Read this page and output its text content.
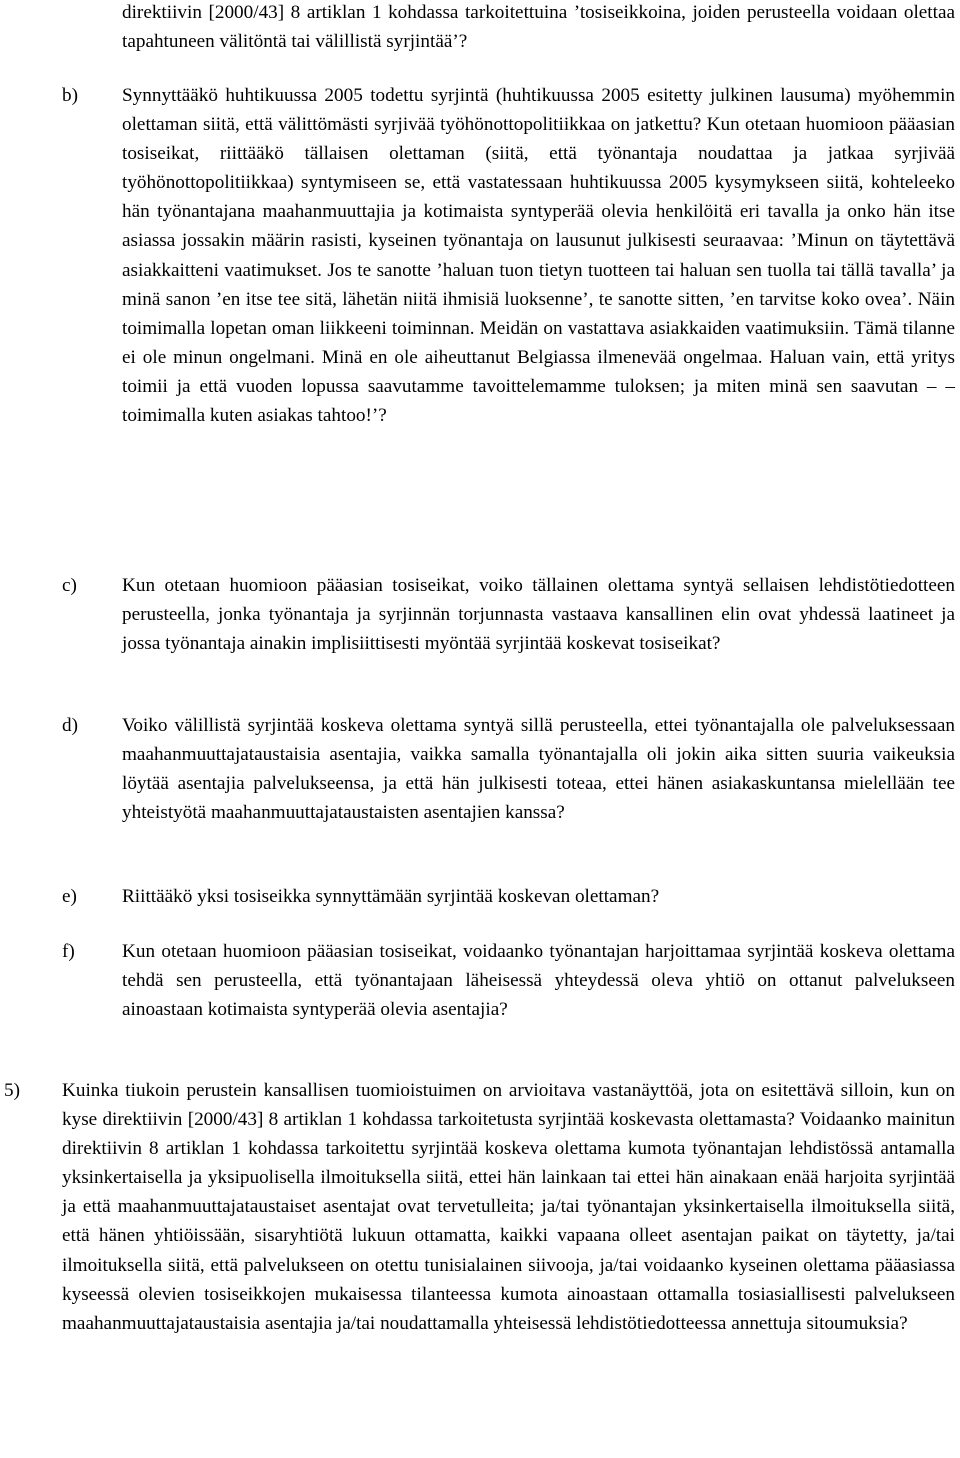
direktiivin [2000/43] 8 artiklan 1 kohdassa tarkoitettuina ’tosiseikkoina, joiden perusteella voidaan olettaa tapahtuneen välitöntä tai välillistä syrjintää’?

b) Synnyttääkö huhtikuussa 2005 todettu syrjintä (huhtikuussa 2005 esitetty julkinen lausuma) myöhemmin olettaman siitä, että välittömästi syrjivää työhönottopolitiikkaa on jatkettu? Kun otetaan huomioon pääasian tosiseikat, riittääkö tällaisen olettaman (siitä, että työnantaja noudattaa ja jatkaa syrjivää työhönottopolitiikkaa) syntymiseen se, että vastatessaan huhtikuussa 2005 kysymykseen siitä, kohteleeko hän työnantajana maahanmuuttajia ja kotimaista syntyperää olevia henkilöitä eri tavalla ja onko hän itse asiassa jossakin määrin rasisti, kyseinen työnantaja on lausunut julkisesti seuraavaa: ’Minun on täytettävä asiakkaitteni vaatimukset. Jos te sanotte ’haluan tuon tietyn tuotteen tai haluan sen tuolla tai tällä tavalla’ ja minä sanon ’en itse tee sitä, lähetän niitä ihmisiä luoksenne’, te sanotte sitten, ’en tarvitse koko ovea’. Näin toimimalla lopetan oman liikkeeni toiminnan. Meidän on vastattava asiakkaiden vaatimuksiin. Tämä tilanne ei ole minun ongelmani. Minä en ole aiheuttanut Belgiassa ilmenevää ongelmaa. Haluan vain, että yritys toimii ja että vuoden lopussa saavutamme tavoittelemamme tuloksen; ja miten minä sen saavutan – – toimimalla kuten asiakas tahtoo!’?

c) Kun otetaan huomioon pääasian tosiseikat, voiko tällainen olettama syntyä sellaisen lehdistötiedotteen perusteella, jonka työnantaja ja syrjinnän torjunnasta vastaava kansallinen elin ovat yhdessä laatineet ja jossa työnantaja ainakin implisiittisesti myöntää syrjintää koskevat tosiseikat?

d) Voiko välillistä syrjintää koskeva olettama syntyä sillä perusteella, ettei työnantajalla ole palveluksessaan maahanmuuttajataustaisia asentajia, vaikka samalla työnantajalla oli jokin aika sitten suuria vaikeuksia löytää asentajia palvelukseensa, ja että hän julkisesti toteaa, ettei hänen asiakaskuntansa mielellään tee yhteistyötä maahanmuuttajataustaisten asentajien kanssa?

e) Riittääkö yksi tosiseikka synnyttämään syrjintää koskevan olettaman?

f) Kun otetaan huomioon pääasian tosiseikat, voidaanko työnantajan harjoittamaa syrjintää koskeva olettama tehdä sen perusteella, että työnantajaan läheisessä yhteydessä oleva yhtiö on ottanut palvelukseen ainoastaan kotimaista syntyperää olevia asentajia?

5) Kuinka tiukoin perustein kansallisen tuomioistuimen on arvioitava vastanäyttöä, jota on esitettävä silloin, kun on kyse direktiivin [2000/43] 8 artiklan 1 kohdassa tarkoitetusta syrjintää koskevasta olettamasta? Voidaanko mainitun direktiivin 8 artiklan 1 kohdassa tarkoitettu syrjintää koskeva olettama kumota työnantajan lehdistössä antamalla yksinkertaisella ja yksipuolisella ilmoituksella siitä, ettei hän lainkaan tai ettei hän ainakaan enää harjoita syrjintää ja että maahanmuuttajataustaiset asentajat ovat tervetulleita; ja/tai työnantajan yksinkertaisella ilmoituksella siitä, että hänen yhtiöissään, sisaryhtiötä lukuun ottamatta, kaikki vapaana olleet asentajan paikat on täytetty, ja/tai ilmoituksella siitä, että palvelukseen on otettu tunisialainen siivooja, ja/tai voidaanko kyseinen olettama pääasiassa kyseessä olevien tosiseikkojen mukaisessa tilanteessa kumota ainoastaan ottamalla tosiasiallisesti palvelukseen maahanmuuttajataustaisia asentajia ja/tai noudattamalla yhteisessä lehdistötiedotteessa annettuja sitoumuksia?
